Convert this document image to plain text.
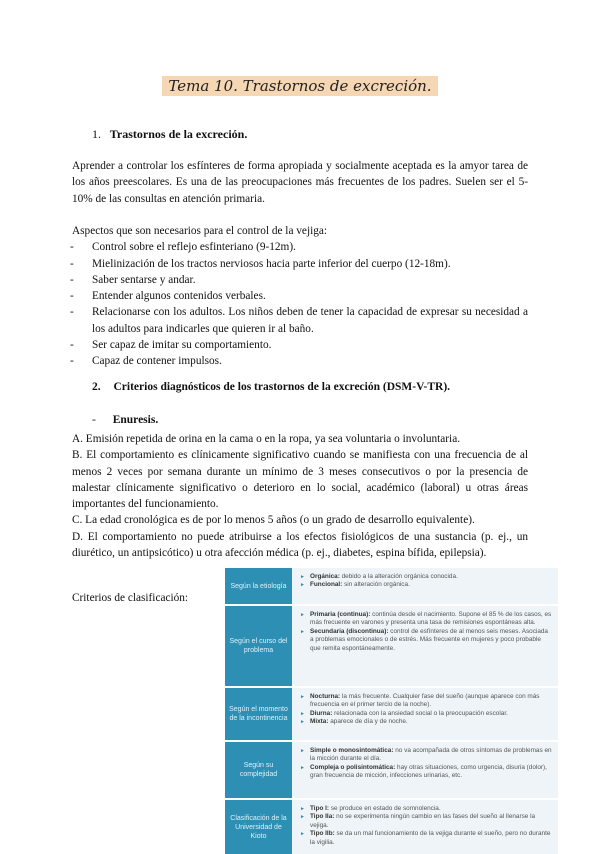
Tema 10. Trastornos de excreción.
1. Trastornos de la excreción.
Aprender a controlar los esfínteres de forma apropiada y socialmente aceptada es la amyor tarea de los años preescolares. Es una de las preocupaciones más frecuentes de los padres. Suelen ser el 5-10% de las consultas en atención primaria.
Aspectos que son necesarios para el control de la vejiga:
- Control sobre el reflejo esfinteriano (9-12m).
- Mielinización de los tractos nerviosos hacia parte inferior del cuerpo (12-18m).
- Saber sentarse y andar.
- Entender algunos contenidos verbales.
- Relacionarse con los adultos. Los niños deben de tener la capacidad de expresar su necesidad a los adultos para indicarles que quieren ir al baño.
- Ser capaz de imitar su comportamiento.
- Capaz de contener impulsos.
2. Criterios diagnósticos de los trastornos de la excreción (DSM-V-TR).
- Enuresis.
A. Emisión repetida de orina en la cama o en la ropa, ya sea voluntaria o involuntaria.
B. El comportamiento es clínicamente significativo cuando se manifiesta con una frecuencia de al menos 2 veces por semana durante un mínimo de 3 meses consecutivos o por la presencia de malestar clínicamente significativo o deterioro en lo social, académico (laboral) u otras áreas importantes del funcionamiento.
C. La edad cronológica es de por lo menos 5 años (o un grado de desarrollo equivalente).
D. El comportamiento no puede atribuirse a los efectos fisiológicos de una sustancia (p. ej., un diurético, un antipsicótico) u otra afección médica (p. ej., diabetes, espina bífida, epilepsia).
Criterios de clasificación:
Según la etiología
► Orgánica: debido a la alteración orgánica conocida.
► Funcional: sin alteración orgánica.
Según el curso del problema
► Primaria (continua): continúa desde el nacimiento. Supone el 85 % de los casos, es más frecuente en varones y presenta una tasa de remisiones espontáneas alta.
► Secundaria (discontinua): control de esfínteres de al menos seis meses. Asociada a problemas emocionales o de estrés. Más frecuente en mujeres y poco probable que remita espontáneamente.
Según el momento de la incontinencia
► Nocturna: la más frecuente. Cualquier fase del sueño (aunque aparece con más frecuencia en el primer tercio de la noche).
► Diurna: relacionada con la ansiedad social o la preocupación escolar.
► Mixta: aparece de día y de noche.
Según su complejidad
► Simple o monosintomática: no va acompañada de otros síntomas de problemas en la micción durante el día.
► Compleja o polisintomática: hay otras situaciones, como urgencia, disuria (dolor), gran frecuencia de micción, infecciones urinarias, etc.
Clasificación de la Universidad de Kioto
► Tipo I: se produce en estado de somnolencia.
► Tipo IIa: no se experimenta ningún cambio en las fases del sueño al llenarse la vejiga.
► Tipo IIb: se da un mal funcionamiento de la vejiga durante el sueño, pero no durante la vigilia.
